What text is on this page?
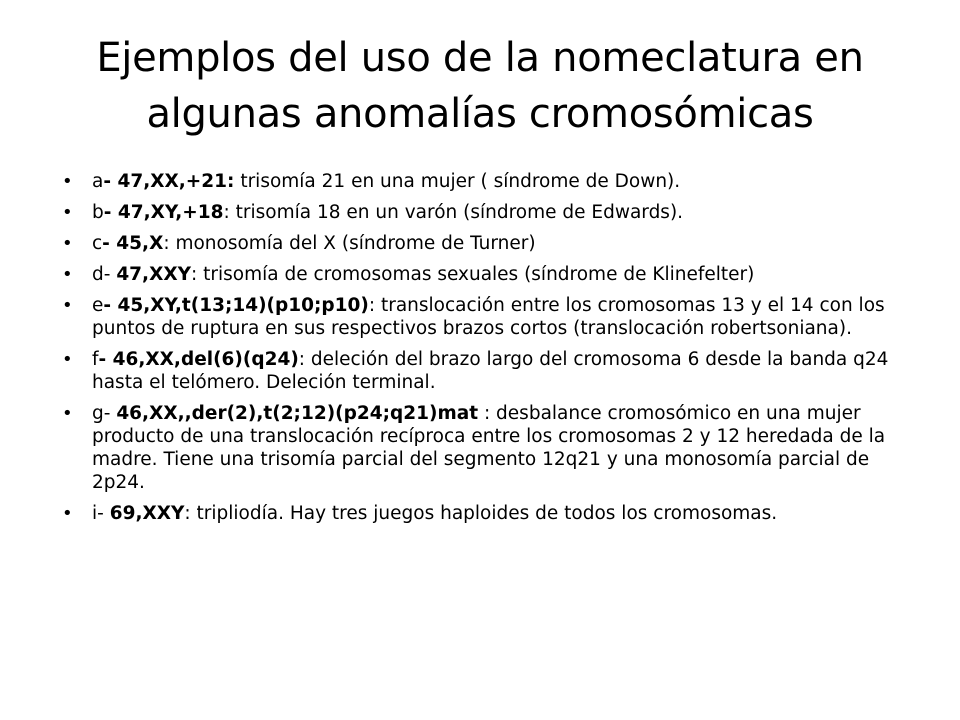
Ejemplos del uso de la nomeclatura en algunas anomalías cromosómicas
•	a- 47,XX,+21: trisomía 21 en una mujer ( síndrome de Down).
•	b- 47,XY,+18: trisomía 18 en un varón (síndrome de Edwards).
•	c- 45,X: monosomía del X (síndrome de Turner)
•	d- 47,XXY: trisomía de cromosomas sexuales (síndrome de Klinefelter)
•	e- 45,XY,t(13;14)(p10;p10): translocación entre los cromosomas 13 y el 14 con los puntos de ruptura en sus respectivos brazos cortos (translocación robertsoniana).
•	f- 46,XX,del(6)(q24): deleción del brazo largo del cromosoma 6 desde la banda q24 hasta el telómero. Deleción terminal.
•	g- 46,XX,,der(2),t(2;12)(p24;q21)mat : desbalance cromosómico en una mujer producto de una translocación recíproca entre los cromosomas 2 y 12 heredada de la madre. Tiene una trisomía parcial del segmento 12q21 y una monosomía parcial de 2p24.
•	i- 69,XXY: tripliodía. Hay tres juegos haploides de todos los cromosomas.
